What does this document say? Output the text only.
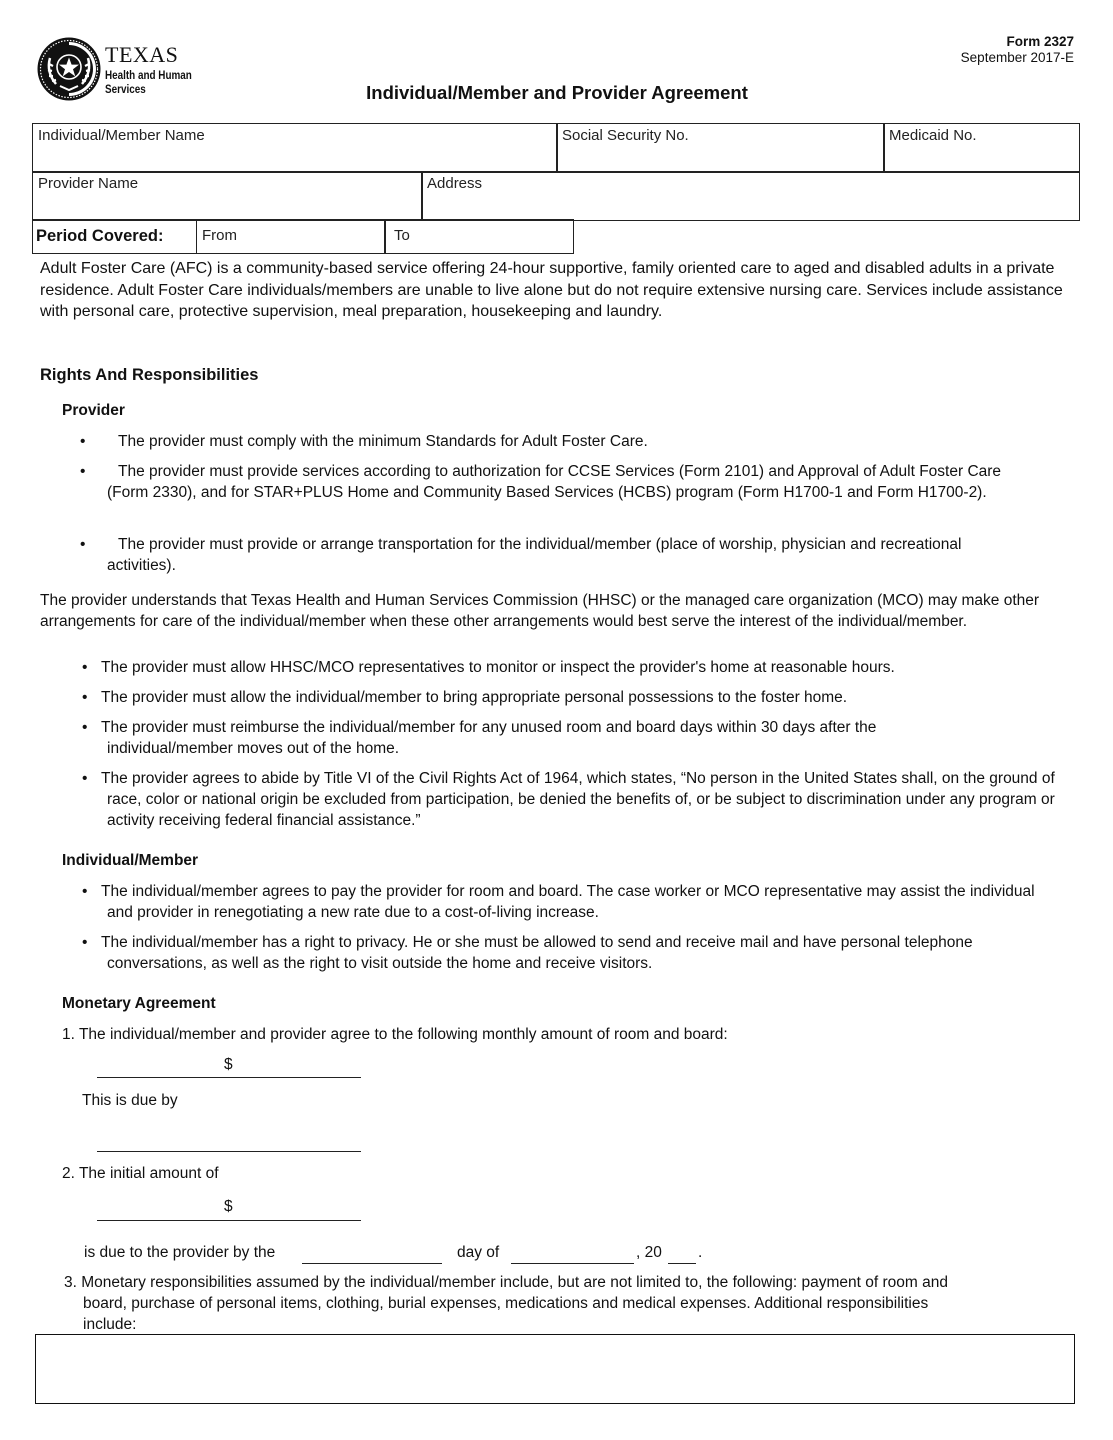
TEXAS
Health and Human
Services
Form 2327
September 2017-E
Individual/Member and Provider Agreement
Individual/Member Name	Social Security No.	Medicaid No.
Provider Name	Address
Period Covered:	From	To
Adult Foster Care (AFC) is a community-based service offering 24-hour supportive, family oriented care to aged and disabled adults in a private residence. Adult Foster Care individuals/members are unable to live alone but do not require extensive nursing care. Services include assistance with personal care, protective supervision, meal preparation, housekeeping and laundry.
Rights And Responsibilities
Provider
•	The provider must comply with the minimum Standards for Adult Foster Care.
•	The provider must provide services according to authorization for CCSE Services (Form 2101) and Approval of Adult Foster Care (Form 2330), and for STAR+PLUS Home and Community Based Services (HCBS) program (Form H1700-1 and Form H1700-2).
•	The provider must provide or arrange transportation for the individual/member (place of worship, physician and recreational activities).
The provider understands that Texas Health and Human Services Commission (HHSC) or the managed care organization (MCO) may make other arrangements for care of the individual/member when these other arrangements would best serve the interest of the individual/member.
• The provider must allow HHSC/MCO representatives to monitor or inspect the provider's home at reasonable hours.
• The provider must allow the individual/member to bring appropriate personal possessions to the foster home.
• The provider must reimburse the individual/member for any unused room and board days within 30 days after the individual/member moves out of the home.
• The provider agrees to abide by Title VI of the Civil Rights Act of 1964, which states, “No person in the United States shall, on the ground of race, color or national origin be excluded from participation, be denied the benefits of, or be subject to discrimination under any program or activity receiving federal financial assistance.”
Individual/Member
• The individual/member agrees to pay the provider for room and board. The case worker or MCO representative may assist the individual and provider in renegotiating a new rate due to a cost-of-living increase.
• The individual/member has a right to privacy. He or she must be allowed to send and receive mail and have personal telephone conversations, as well as the right to visit outside the home and receive visitors.
Monetary Agreement
1. The individual/member and provider agree to the following monthly amount of room and board:
$
This is due by
2. The initial amount of
$
is due to the provider by the	day of	, 20 .
3. Monetary responsibilities assumed by the individual/member include, but are not limited to, the following: payment of room and
board, purchase of personal items, clothing, burial expenses, medications and medical expenses. Additional responsibilities
include:
